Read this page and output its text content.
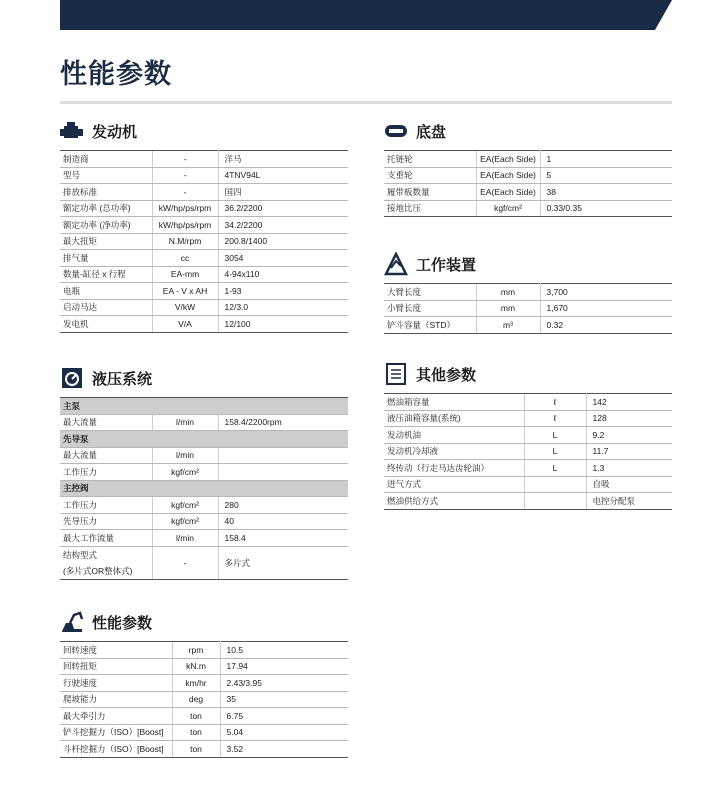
性能参数
发动机
制造商	-	洋马
型号	-	4TNV94L
排放标准	-	国四
额定功率 (总功率)	kW/hp/ps/rpm	36.2/2200
额定功率 (净功率)	kW/hp/ps/rpm	34.2/2200
最大扭矩	N.M/rpm	200.8/1400
排气量	cc	3054
数量-缸径 x 行程	EA-mm	4-94x110
电瓶	EA - V x AH	1-93
启动马达	V/kW	12/3.0
发电机	V/A	12/100
液压系统
主泵		
最大流量	l/min	158.4/2200rpm
先导泵		
最大流量	l/min	
工作压力	kgf/cm²	
主控阀		
工作压力	kgf/cm²	280
先导压力	kgf/cm²	40
最大工作流量	l/min	158.4

结构型式
(多片式OR整体式)	-	多片式
性能参数
回转速度	rpm	10.5
回转扭矩	kN.m	17.94
行驶速度	km/hr	2.43/3.95
爬坡能力	deg	35
最大牵引力	ton	6.75
铲斗挖掘力（ISO）[Boost]	ton	5.04
斗杆挖掘力（ISO）[Boost]	ton	3.52
底盘
托链轮	EA(Each Side)	1
支重轮	EA(Each Side)	5
履带板数量	EA(Each Side)	38
接地比压	kgf/cm²	0.33/0.35
工作装置
大臂长度	mm	3,700
小臂长度	mm	1,670
铲斗容量（STD）	m³	0.32
其他参数
燃油箱容量	ℓ	142
液压油箱容量(系统)	ℓ	128
发动机油	L	9.2
发动机冷却液	L	11.7
终传动（行走马达齿轮油）	L	1.3
进气方式		自吸
燃油供给方式		电控分配泵
